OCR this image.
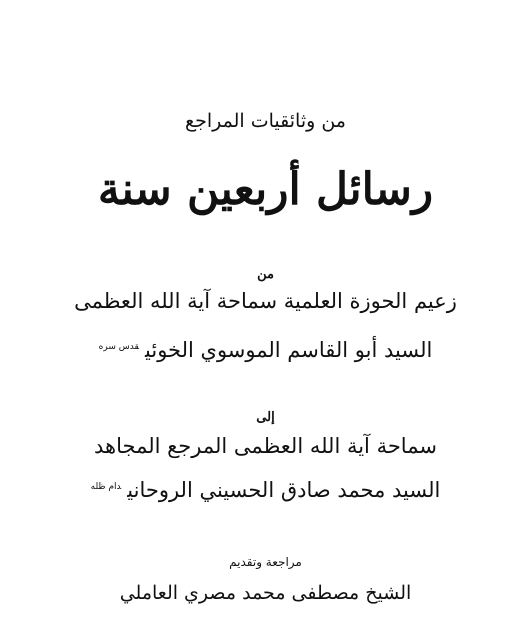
من وثائقيات المراجع
رسائل أربعين سنة
من
زعيم الحوزة العلمية سماحة آية الله العظمى
السيد أبو القاسم الموسوي الخوئي$^{قدس سره}$
إلى
سماحة آية الله العظمى المرجع المجاهد
السيد محمد صادق الحسيني الروحاني$^{دام ظله}$
مراجعة وتقديم
الشيخ مصطفى محمد مصري العاملي
